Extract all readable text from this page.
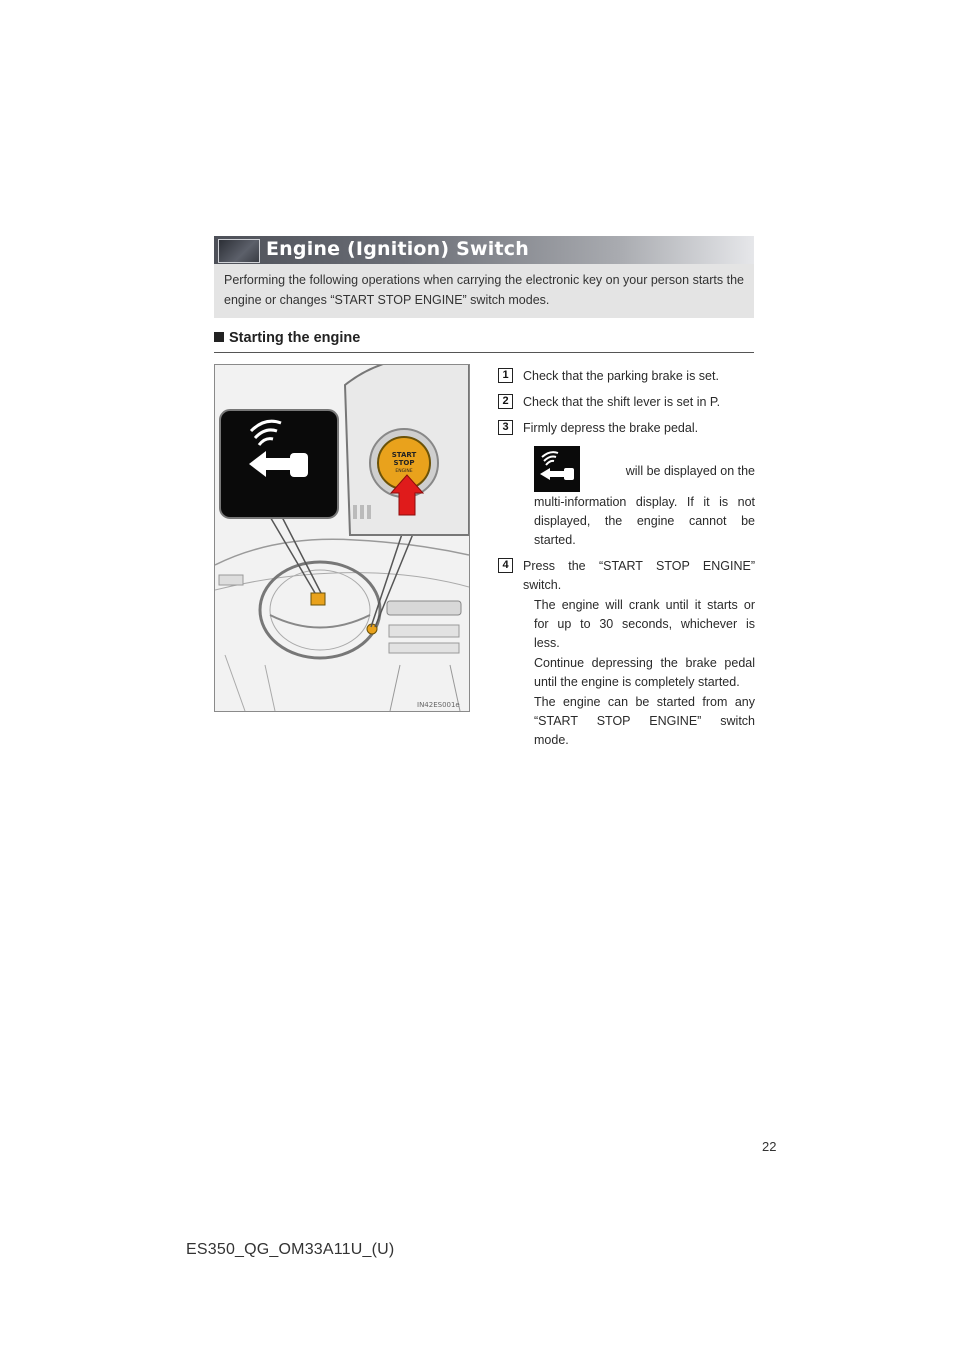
Engine (Ignition) Switch
Performing the following operations when carrying the electronic key on your person starts the engine or changes “START STOP ENGINE” switch modes.
Starting the engine
START
STOP
ENGINE
IN42ES001e
1	Check that the parking brake is set.
2	Check that the shift lever is set in P.
3	Firmly depress the brake pedal.
will be displayed on the
multi-information display. If it is not
displayed, the engine cannot be
started.
4	Press the “START STOP ENGINE”
switch.
The engine will crank until it starts or
for up to 30 seconds, whichever is
less.
Continue depressing the brake pedal
until the engine is completely started.
The engine can be started from any
“START STOP ENGINE” switch
mode.
22
ES350_QG_OM33A11U_(U)
